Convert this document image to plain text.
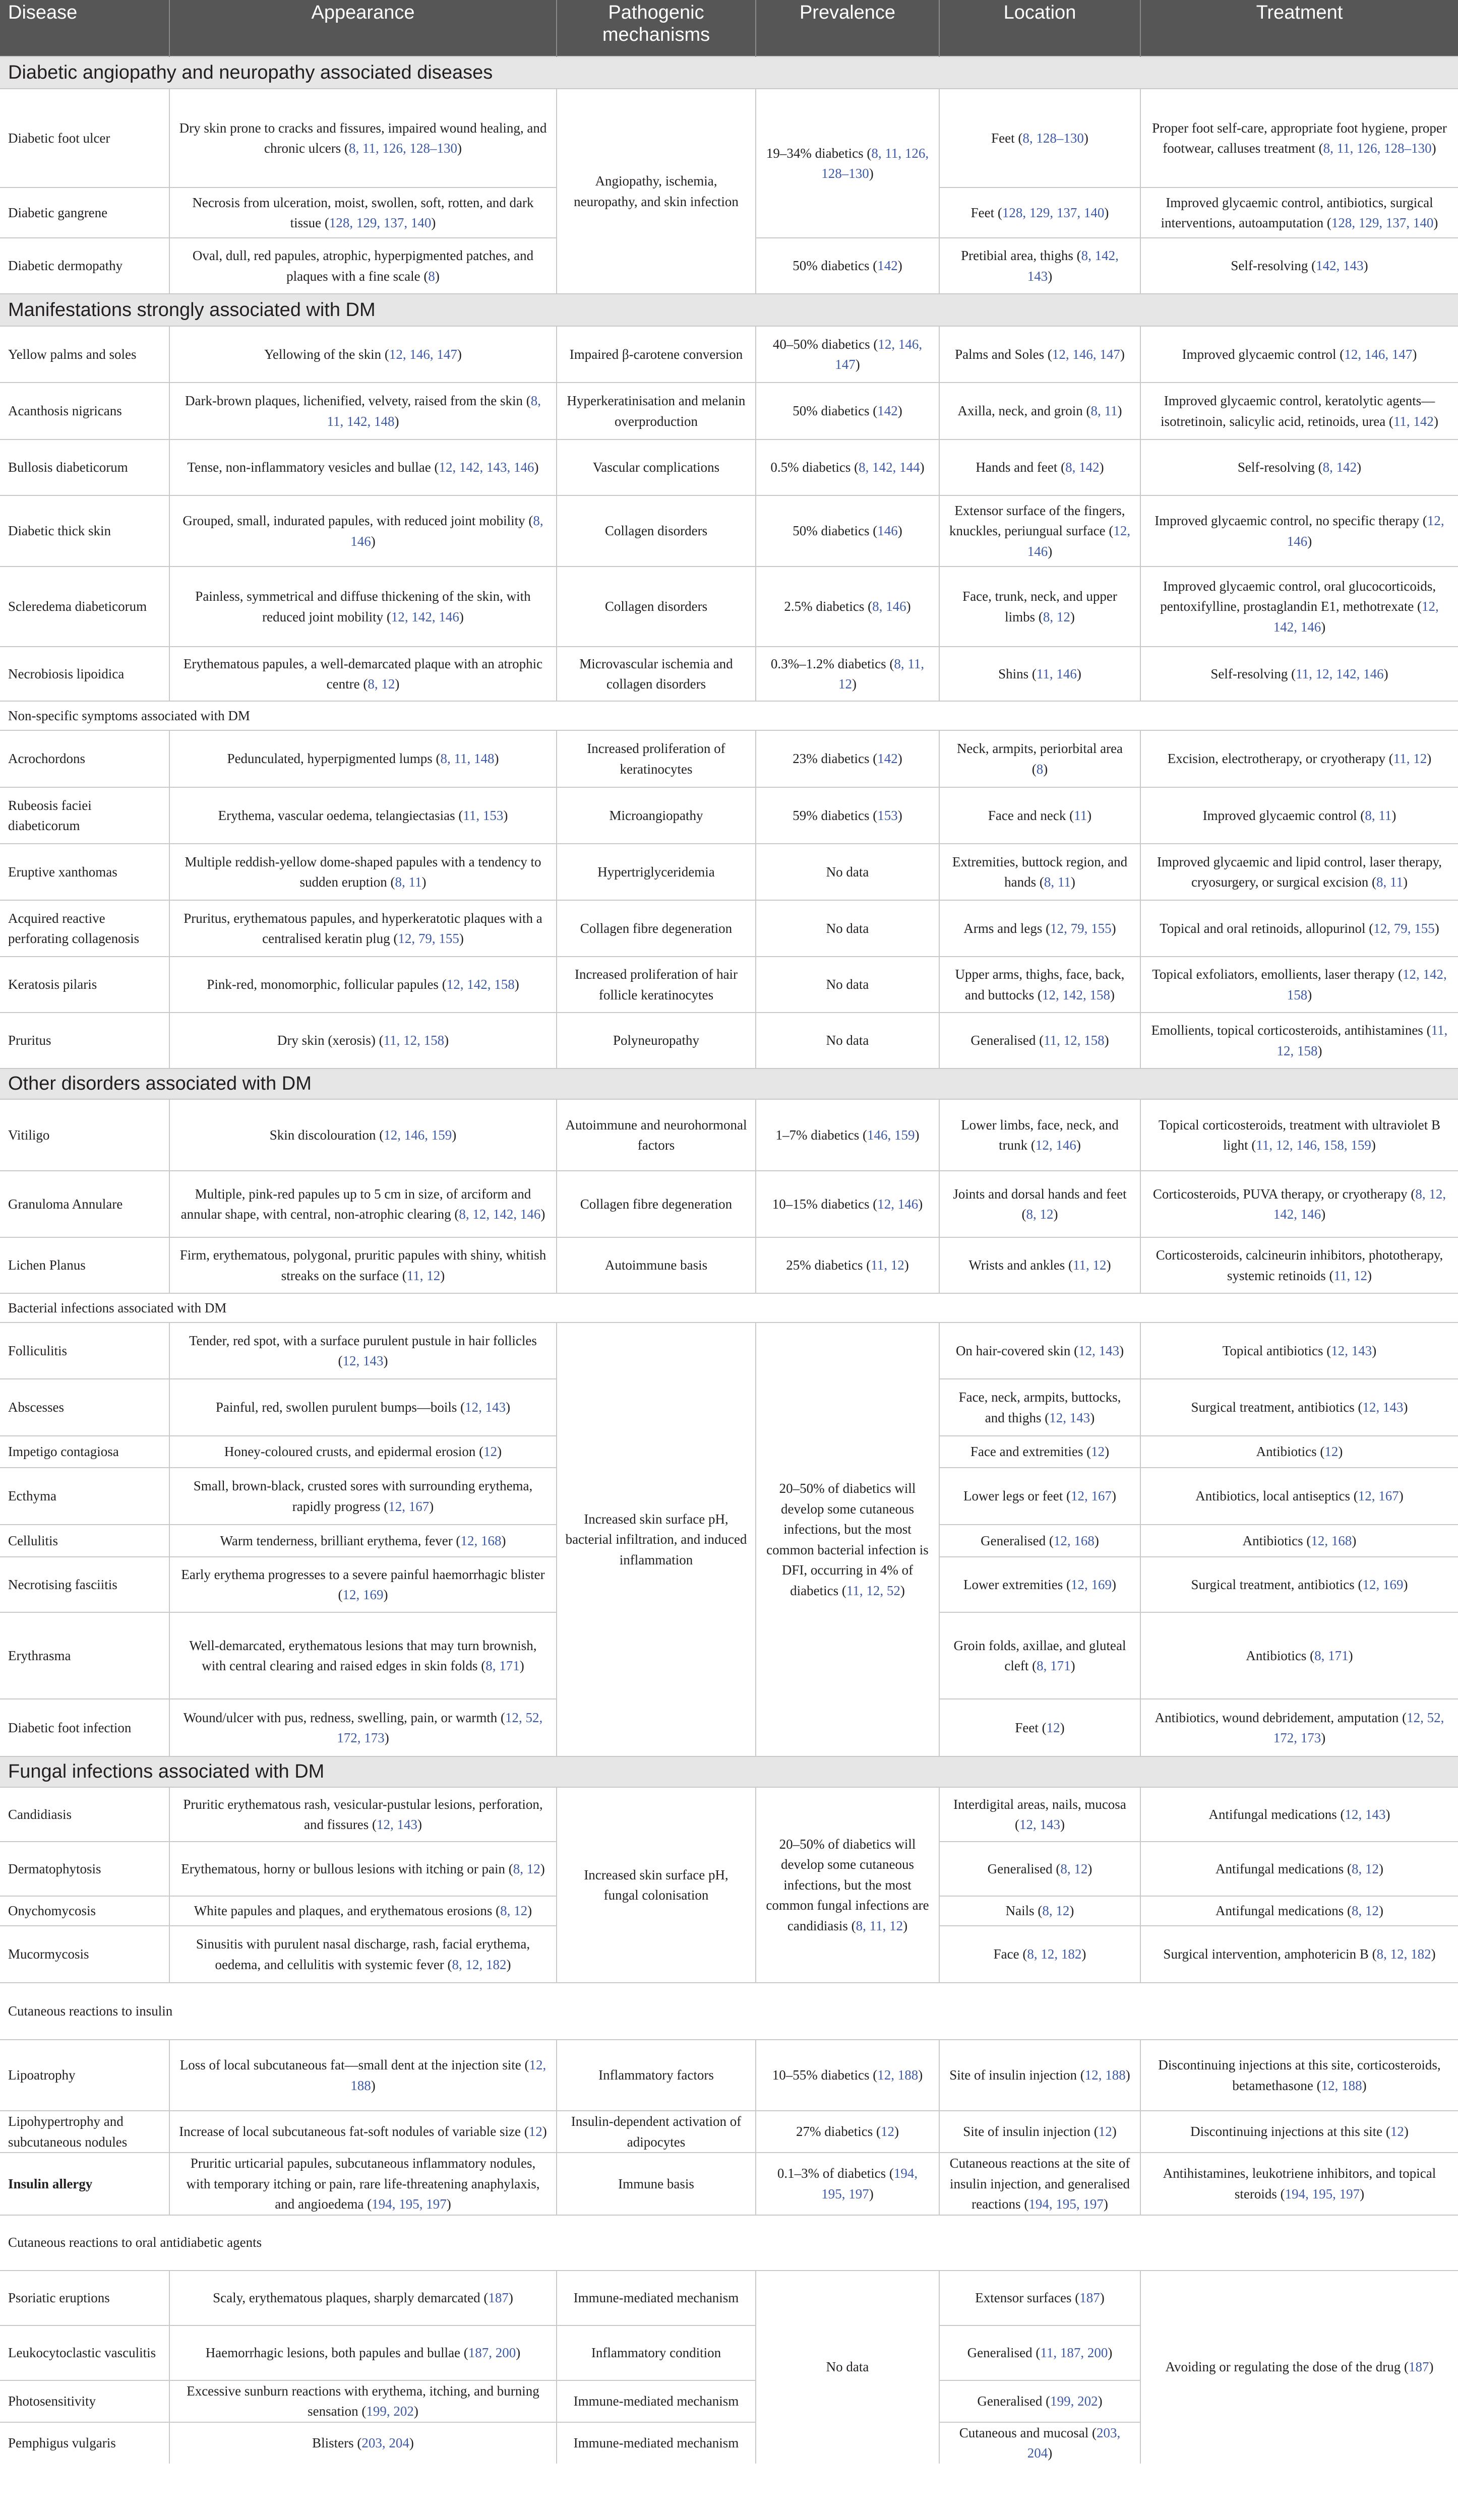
Disease	Appearance	Pathogenic mechanisms	Prevalence	Location	Treatment
Diabetic angiopathy and neuropathy associated diseases					
Diabetic foot ulcer	Dry skin prone to cracks and fissures, impaired wound healing, and chronic ulcers (8, 11, 126, 128–130)	Angiopathy, ischemia, neuropathy, and skin infection	19–34% diabetics (8, 11, 126, 128–130)	Feet (8, 128–130)	Proper foot self-care, appropriate foot hygiene, proper footwear, calluses treatment (8, 11, 126, 128–130)
Diabetic gangrene	Necrosis from ulceration, moist, swollen, soft, rotten, and dark tissue (128, 129, 137, 140)			Feet (128, 129, 137, 140)	Improved glycaemic control, antibiotics, surgical interventions, autoamputation (128, 129, 137, 140)
Diabetic dermopathy	Oval, dull, red papules, atrophic, hyperpigmented patches, and plaques with a fine scale (8)		50% diabetics (142)	Pretibial area, thighs (8, 142, 143)	Self-resolving (142, 143)
Manifestations strongly associated with DM					
Yellow palms and soles	Yellowing of the skin (12, 146, 147)	Impaired β-carotene conversion	40–50% diabetics (12, 146, 147)	Palms and Soles (12, 146, 147)	Improved glycaemic control (12, 146, 147)
Acanthosis nigricans	Dark-brown plaques, lichenified, velvety, raised from the skin (8, 11, 142, 148)	Hyperkeratinisation and melanin overproduction	50% diabetics (142)	Axilla, neck, and groin (8, 11)	Improved glycaemic control, keratolytic agents—isotretinoin, salicylic acid, retinoids, urea (11, 142)
Bullosis diabeticorum	Tense, non-inflammatory vesicles and bullae (12, 142, 143, 146)	Vascular complications	0.5% diabetics (8, 142, 144)	Hands and feet (8, 142)	Self-resolving (8, 142)
Diabetic thick skin	Grouped, small, indurated papules, with reduced joint mobility (8, 146)	Collagen disorders	50% diabetics (146)	Extensor surface of the fingers, knuckles, periungual surface (12, 146)	Improved glycaemic control, no specific therapy (12, 146)
Scleredema diabeticorum	Painless, symmetrical and diffuse thickening of the skin, with reduced joint mobility (12, 142, 146)	Collagen disorders	2.5% diabetics (8, 146)	Face, trunk, neck, and upper limbs (8, 12)	Improved glycaemic control, oral glucocorticoids, pentoxifylline, prostaglandin E1, methotrexate (12, 142, 146)
Necrobiosis lipoidica	Erythematous papules, a well-demarcated plaque with an atrophic centre (8, 12)	Microvascular ischemia and collagen disorders	0.3%–1.2% diabetics (8, 11, 12)	Shins (11, 146)	Self-resolving (11, 12, 142, 146)
Non-specific symptoms associated with DM					
Acrochordons	Pedunculated, hyperpigmented lumps (8, 11, 148)	Increased proliferation of keratinocytes	23% diabetics (142)	Neck, armpits, periorbital area (8)	Excision, electrotherapy, or cryotherapy (11, 12)
Rubeosis faciei diabeticorum	Erythema, vascular oedema, telangiectasias (11, 153)	Microangiopathy	59% diabetics (153)	Face and neck (11)	Improved glycaemic control (8, 11)
Eruptive xanthomas	Multiple reddish-yellow dome-shaped papules with a tendency to sudden eruption (8, 11)	Hypertriglyceridemia	No data	Extremities, buttock region, and hands (8, 11)	Improved glycaemic and lipid control, laser therapy, cryosurgery, or surgical excision (8, 11)
Acquired reactive perforating collagenosis	Pruritus, erythematous papules, and hyperkeratotic plaques with a centralised keratin plug (12, 79, 155)	Collagen fibre degeneration	No data	Arms and legs (12, 79, 155)	Topical and oral retinoids, allopurinol (12, 79, 155)
Keratosis pilaris	Pink-red, monomorphic, follicular papules (12, 142, 158)	Increased proliferation of hair follicle keratinocytes	No data	Upper arms, thighs, face, back, and buttocks (12, 142, 158)	Topical exfoliators, emollients, laser therapy (12, 142, 158)
Pruritus	Dry skin (xerosis) (11, 12, 158)	Polyneuropathy	No data	Generalised (11, 12, 158)	Emollients, topical corticosteroids, antihistamines (11, 12, 158)
Other disorders associated with DM					
Vitiligo	Skin discolouration (12, 146, 159)	Autoimmune and neurohormonal factors	1–7% diabetics (146, 159)	Lower limbs, face, neck, and trunk (12, 146)	Topical corticosteroids, treatment with ultraviolet B light (11, 12, 146, 158, 159)
Granuloma Annulare	Multiple, pink-red papules up to 5 cm in size, of arciform and annular shape, with central, non-atrophic clearing (8, 12, 142, 146)	Collagen fibre degeneration	10–15% diabetics (12, 146)	Joints and dorsal hands and feet (8, 12)	Corticosteroids, PUVA therapy, or cryotherapy (8, 12, 142, 146)
Lichen Planus	Firm, erythematous, polygonal, pruritic papules with shiny, whitish streaks on the surface (11, 12)	Autoimmune basis	25% diabetics (11, 12)	Wrists and ankles (11, 12)	Corticosteroids, calcineurin inhibitors, phototherapy, systemic retinoids (11, 12)
Bacterial infections associated with DM					
Folliculitis	Tender, red spot, with a surface purulent pustule in hair follicles (12, 143)	Increased skin surface pH, bacterial infiltration, and induced inflammation	20–50% of diabetics will develop some cutaneous infections, but the most common bacterial infection is DFI, occurring in 4% of diabetics (11, 12, 52)	On hair-covered skin (12, 143)	Topical antibiotics (12, 143)
Abscesses	Painful, red, swollen purulent bumps—boils (12, 143)			Face, neck, armpits, buttocks, and thighs (12, 143)	Surgical treatment, antibiotics (12, 143)
Impetigo contagiosa	Honey-coloured crusts, and epidermal erosion (12)			Face and extremities (12)	Antibiotics (12)
Ecthyma	Small, brown-black, crusted sores with surrounding erythema, rapidly progress (12, 167)			Lower legs or feet (12, 167)	Antibiotics, local antiseptics (12, 167)
Cellulitis	Warm tenderness, brilliant erythema, fever (12, 168)			Generalised (12, 168)	Antibiotics (12, 168)
Necrotising fasciitis	Early erythema progresses to a severe painful haemorrhagic blister (12, 169)			Lower extremities (12, 169)	Surgical treatment, antibiotics (12, 169)
Erythrasma	Well-demarcated, erythematous lesions that may turn brownish, with central clearing and raised edges in skin folds (8, 171)			Groin folds, axillae, and gluteal cleft (8, 171)	Antibiotics (8, 171)
Diabetic foot infection	Wound/ulcer with pus, redness, swelling, pain, or warmth (12, 52, 172, 173)			Feet (12)	Antibiotics, wound debridement, amputation (12, 52, 172, 173)
Fungal infections associated with DM					
Candidiasis	Pruritic erythematous rash, vesicular-pustular lesions, perforation, and fissures (12, 143)	Increased skin surface pH, fungal colonisation	20–50% of diabetics will develop some cutaneous infections, but the most common fungal infections are candidiasis (8, 11, 12)	Interdigital areas, nails, mucosa (12, 143)	Antifungal medications (12, 143)
Dermatophytosis	Erythematous, horny or bullous lesions with itching or pain (8, 12)			Generalised (8, 12)	Antifungal medications (8, 12)
Onychomycosis	White papules and plaques, and erythematous erosions (8, 12)			Nails (8, 12)	Antifungal medications (8, 12)
Mucormycosis	Sinusitis with purulent nasal discharge, rash, facial erythema, oedema, and cellulitis with systemic fever (8, 12, 182)			Face (8, 12, 182)	Surgical intervention, amphotericin B (8, 12, 182)
Cutaneous reactions to insulin					
Lipoatrophy	Loss of local subcutaneous fat—small dent at the injection site (12, 188)	Inflammatory factors	10–55% diabetics (12, 188)	Site of insulin injection (12, 188)	Discontinuing injections at this site, corticosteroids, betamethasone (12, 188)
Lipohypertrophy and subcutaneous nodules	Increase of local subcutaneous fat-soft nodules of variable size (12)	Insulin-dependent activation of adipocytes	27% diabetics (12)	Site of insulin injection (12)	Discontinuing injections at this site (12)
Insulin allergy	Pruritic urticarial papules, subcutaneous inflammatory nodules, with temporary itching or pain, rare life-threatening anaphylaxis, and angioedema (194, 195, 197)	Immune basis	0.1–3% of diabetics (194, 195, 197)	Cutaneous reactions at the site of insulin injection, and generalised reactions (194, 195, 197)	Antihistamines, leukotriene inhibitors, and topical steroids (194, 195, 197)
Cutaneous reactions to oral antidiabetic agents					
Psoriatic eruptions	Scaly, erythematous plaques, sharply demarcated (187)	Immune-mediated mechanism	No data	Extensor surfaces (187)	Avoiding or regulating the dose of the drug (187)
Leukocytoclastic vasculitis	Haemorrhagic lesions, both papules and bullae (187, 200)	Inflammatory condition		Generalised (11, 187, 200)	
Photosensitivity	Excessive sunburn reactions with erythema, itching, and burning sensation (199, 202)	Immune-mediated mechanism		Generalised (199, 202)	
Pemphigus vulgaris	Blisters (203, 204)	Immune-mediated mechanism		Cutaneous and mucosal (203, 204)	
